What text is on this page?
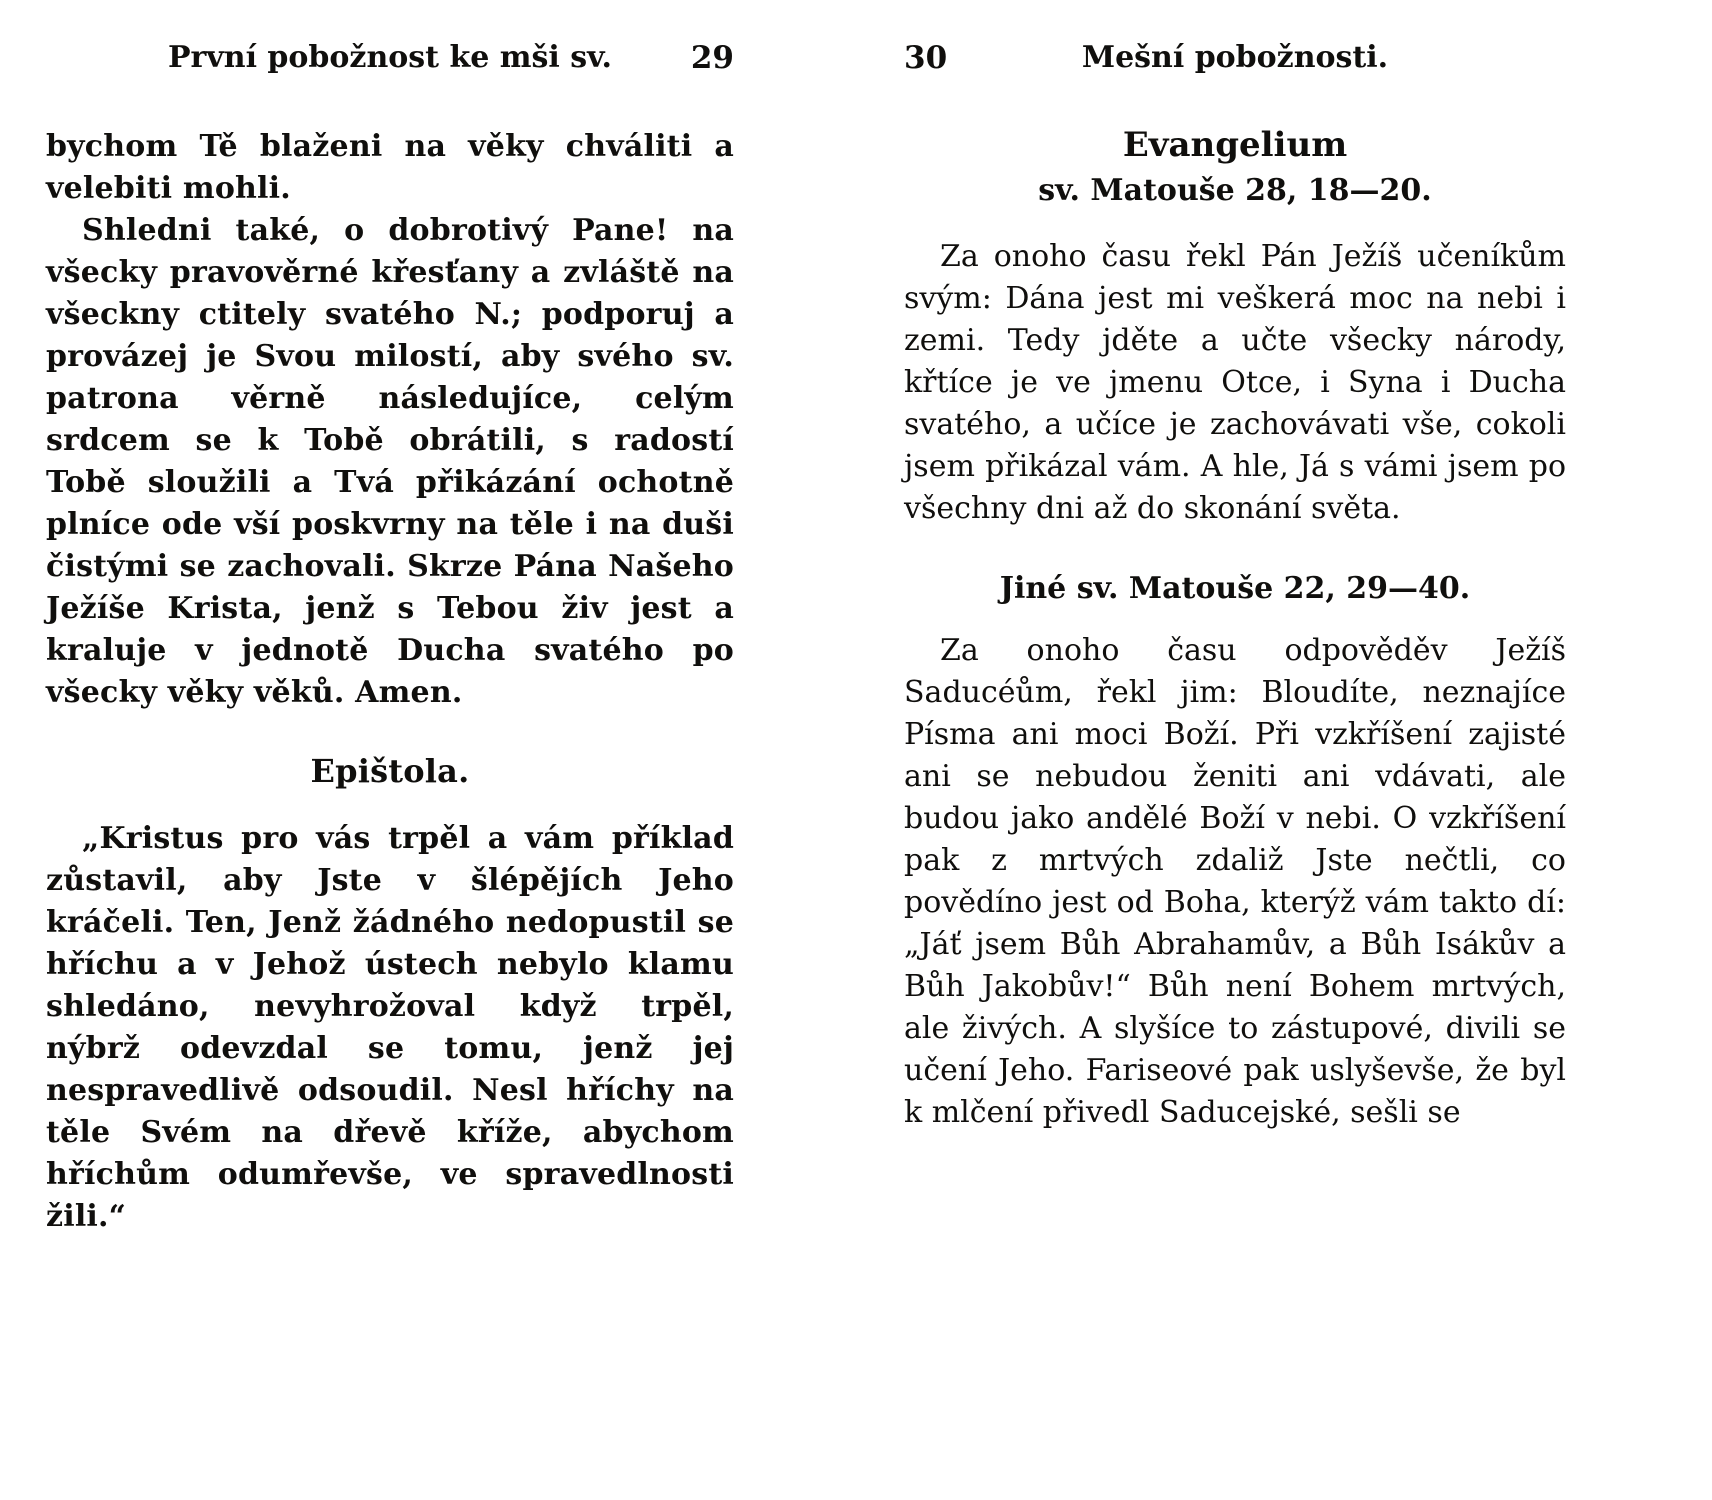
První pobožnost ke mši sv.	29

bychom Tě blaženi na věky chváliti a velebiti mohli.

Shledni také, o dobrotivý Pane! na všecky pravověrné křesťany a zvláště na všeckny ctitely svatého N.; podporuj a provázej je Svou milostí, aby svého sv. patrona věrně následujíce, celým srdcem se k Tobě obrátili, s radostí Tobě sloužili a Tvá přikázání ochotně plníce ode vší poskvrny na těle i na duši čistými se zachovali. Skrze Pána Našeho Ježíše Krista, jenž s Tebou živ jest a kraluje v jednotě Ducha svatého po všecky věky věků. Amen.

Epištola.

„Kristus pro vás trpěl a vám příklad zůstavil, aby Jste v šlépějích Jeho kráčeli. Ten, Jenž žádného nedopustil se hříchu a v Jehož ústech nebylo klamu shledáno, nevyhrožoval když trpěl, nýbrž odevzdal se tomu, jenž jej nespravedlivě odsoudil. Nesl hříchy na těle Svém na dřevě kříže, abychom hříchům odumřevše, ve spravedlnosti žili.“

30	Mešní pobožnosti.
Evangelium
sv. Matouše 28, 18—20.

Za onoho času řekl Pán Ježíš učeníkům svým: Dána jest mi veškerá moc na nebi i zemi. Tedy jděte a učte všecky národy, křtíce je ve jmenu Otce, i Syna i Ducha svatého, a učíce je zachovávati vše, cokoli jsem přikázal vám. A hle, Já s vámi jsem po všechny dni až do skonání světa.

Jiné sv. Matouše 22, 29—40.

Za onoho času odpověděv Ježíš Saducéům, řekl jim: Bloudíte, neznajíce Písma ani moci Boží. Při vzkříšení zajisté ani se nebudou ženiti ani vdávati, ale budou jako andělé Boží v nebi. O vzkříšení pak z mrtvých zdaliž Jste nečtli, co povědíno jest od Boha, kterýž vám takto dí: „Jáť jsem Bůh Abrahamův, a Bůh Isákův a Bůh Jakobův!“ Bůh není Bohem mrtvých, ale živých. A slyšíce to zástupové, divili se učení Jeho. Fariseové pak uslyševše, že byl k mlčení přivedl Saducejské, sešli se
